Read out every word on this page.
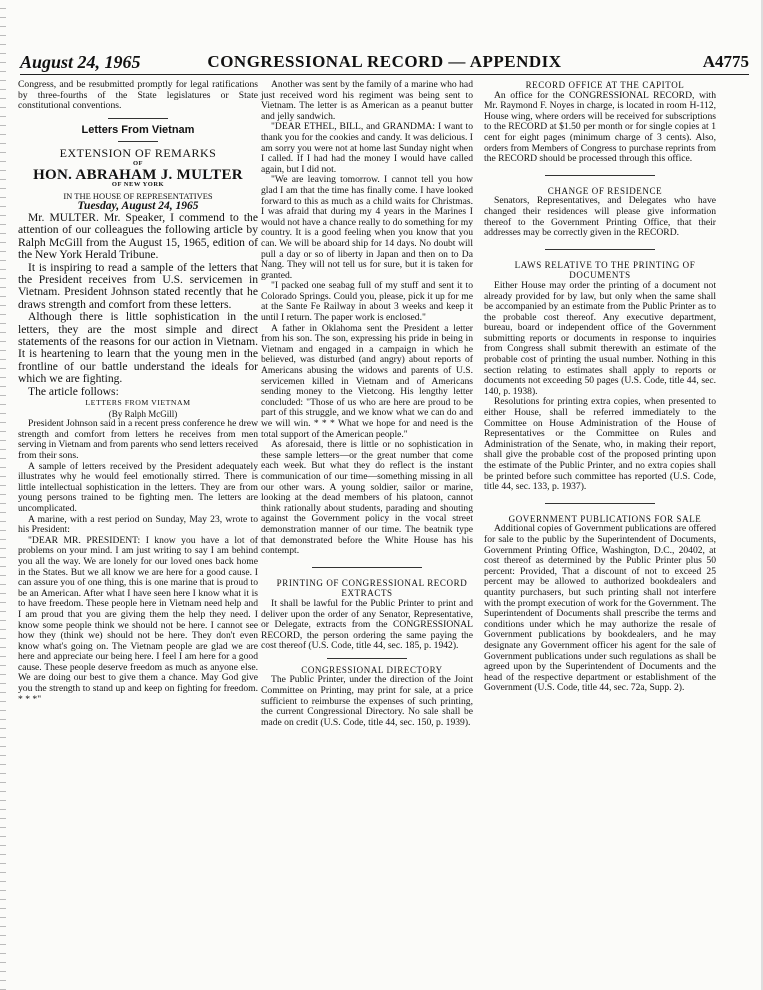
August 24, 1965	CONGRESSIONAL RECORD — APPENDIX	A4775

Congress, and be resubmitted promptly for legal ratifications by three-fourths of the State legislatures or State constitutional conventions.

Letters From Vietnam

EXTENSION OF REMARKS

OF

HON. ABRAHAM J. MULTER

OF NEW YORK

IN THE HOUSE OF REPRESENTATIVES

Tuesday, August 24, 1965

Mr. MULTER. Mr. Speaker, I commend to the attention of our colleagues the following article by Ralph McGill from the August 15, 1965, edition of the New York Herald Tribune.

It is inspiring to read a sample of the letters that the President receives from U.S. servicemen in Vietnam. President Johnson stated recently that he draws strength and comfort from these letters.

Although there is little sophistication in the letters, they are the most simple and direct statements of the reasons for our action in Vietnam. It is heartening to learn that the young men in the frontline of our battle understand the ideals for which we are fighting.

The article follows:

LETTERS FROM VIETNAM

(By Ralph McGill)

President Johnson said in a recent press conference he drew strength and comfort from letters he receives from men serving in Vietnam and from parents who send letters received from their sons.

A sample of letters received by the President adequately illustrates why he would feel emotionally stirred. There is little intellectual sophistication in the letters. They are from young persons trained to be fighting men. The letters are uncomplicated.

A marine, with a rest period on Sunday, May 23, wrote to his President:

"DEAR MR. PRESIDENT: I know you have a lot of problems on your mind. I am just writing to say I am behind you all the way. We are lonely for our loved ones back home in the States. But we all know we are here for a good cause. I can assure you of one thing, this is one marine that is proud to be an American. After what I have seen here I know what it is to have freedom. These people here in Vietnam need help and I am proud that you are giving them the help they need. I know some people think we should not be here. I cannot see how they (think we) should not be here. They don't even know what's going on. The Vietnam people are glad we are here and appreciate our being here. I feel I am here for a good cause. These people deserve freedom as much as anyone else. We are doing our best to give them a chance. May God give you the strength to stand up and keep on fighting for freedom. * * *"

Another was sent by the family of a marine who had just received word his regiment was being sent to Vietnam. The letter is as American as a peanut butter and jelly sandwich.

"DEAR ETHEL, BILL, and GRANDMA: I want to thank you for the cookies and candy. It was delicious. I am sorry you were not at home last Sunday night when I called. If I had had the money I would have called again, but I did not.

"We are leaving tomorrow. I cannot tell you how glad I am that the time has finally come. I have looked forward to this as much as a child waits for Christmas. I was afraid that during my 4 years in the Marines I would not have a chance really to do something for my country. It is a good feeling when you know that you can. We will be aboard ship for 14 days. No doubt will pull a day or so of liberty in Japan and then on to Da Nang. They will not tell us for sure, but it is taken for granted.

"I packed one seabag full of my stuff and sent it to Colorado Springs. Could you, please, pick it up for me at the Sante Fe Railway in about 3 weeks and keep it until I return. The paper work is enclosed."

A father in Oklahoma sent the President a letter from his son. The son, expressing his pride in being in Vietnam and engaged in a campaign in which he believed, was disturbed (and angry) about reports of Americans abusing the widows and parents of U.S. servicemen killed in Vietnam and of Americans sending money to the Vietcong. His lengthy letter concluded: "Those of us who are here are proud to be part of this struggle, and we know what we can do and we will win. * * * What we hope for and need is the total support of the American people."

As aforesaid, there is little or no sophistication in these sample letters—or the great number that come each week. But what they do reflect is the instant communication of our time—something missing in all our other wars. A young soldier, sailor or marine, looking at the dead members of his platoon, cannot think rationally about students, parading and shouting against the Government policy in the vocal street demonstration manner of our time. The beatnik type that demonstrated before the White House has his contempt.

PRINTING OF CONGRESSIONAL RECORD EXTRACTS

It shall be lawful for the Public Printer to print and deliver upon the order of any Senator, Representative, or Delegate, extracts from the CONGRESSIONAL RECORD, the person ordering the same paying the cost thereof (U.S. Code, title 44, sec. 185, p. 1942).

CONGRESSIONAL DIRECTORY

The Public Printer, under the direction of the Joint Committee on Printing, may print for sale, at a price sufficient to reimburse the expenses of such printing, the current Congressional Directory. No sale shall be made on credit (U.S. Code, title 44, sec. 150, p. 1939).

RECORD OFFICE AT THE CAPITOL

An office for the CONGRESSIONAL RECORD, with Mr. Raymond F. Noyes in charge, is located in room H-112, House wing, where orders will be received for subscriptions to the RECORD at $1.50 per month or for single copies at 1 cent for eight pages (minimum charge of 3 cents). Also, orders from Members of Congress to purchase reprints from the RECORD should be processed through this office.

CHANGE OF RESIDENCE

Senators, Representatives, and Delegates who have changed their residences will please give information thereof to the Government Printing Office, that their addresses may be correctly given in the RECORD.

LAWS RELATIVE TO THE PRINTING OF DOCUMENTS

Either House may order the printing of a document not already provided for by law, but only when the same shall be accompanied by an estimate from the Public Printer as to the probable cost thereof. Any executive department, bureau, board or independent office of the Government submitting reports or documents in response to inquiries from Congress shall submit therewith an estimate of the probable cost of printing the usual number. Nothing in this section relating to estimates shall apply to reports or documents not exceeding 50 pages (U.S. Code, title 44, sec. 140, p. 1938).

Resolutions for printing extra copies, when presented to either House, shall be referred immediately to the Committee on House Administration of the House of Representatives or the Committee on Rules and Administration of the Senate, who, in making their report, shall give the probable cost of the proposed printing upon the estimate of the Public Printer, and no extra copies shall be printed before such committee has reported (U.S. Code, title 44, sec. 133, p. 1937).

GOVERNMENT PUBLICATIONS FOR SALE

Additional copies of Government publications are offered for sale to the public by the Superintendent of Documents, Government Printing Office, Washington, D.C., 20402, at cost thereof as determined by the Public Printer plus 50 percent: Provided, That a discount of not to exceed 25 percent may be allowed to authorized bookdealers and quantity purchasers, but such printing shall not interfere with the prompt execution of work for the Government. The Superintendent of Documents shall prescribe the terms and conditions under which he may authorize the resale of Government publications by bookdealers, and he may designate any Government officer his agent for the sale of Government publications under such regulations as shall be agreed upon by the Superintendent of Documents and the head of the respective department or establishment of the Government (U.S. Code, title 44, sec. 72a, Supp. 2).
